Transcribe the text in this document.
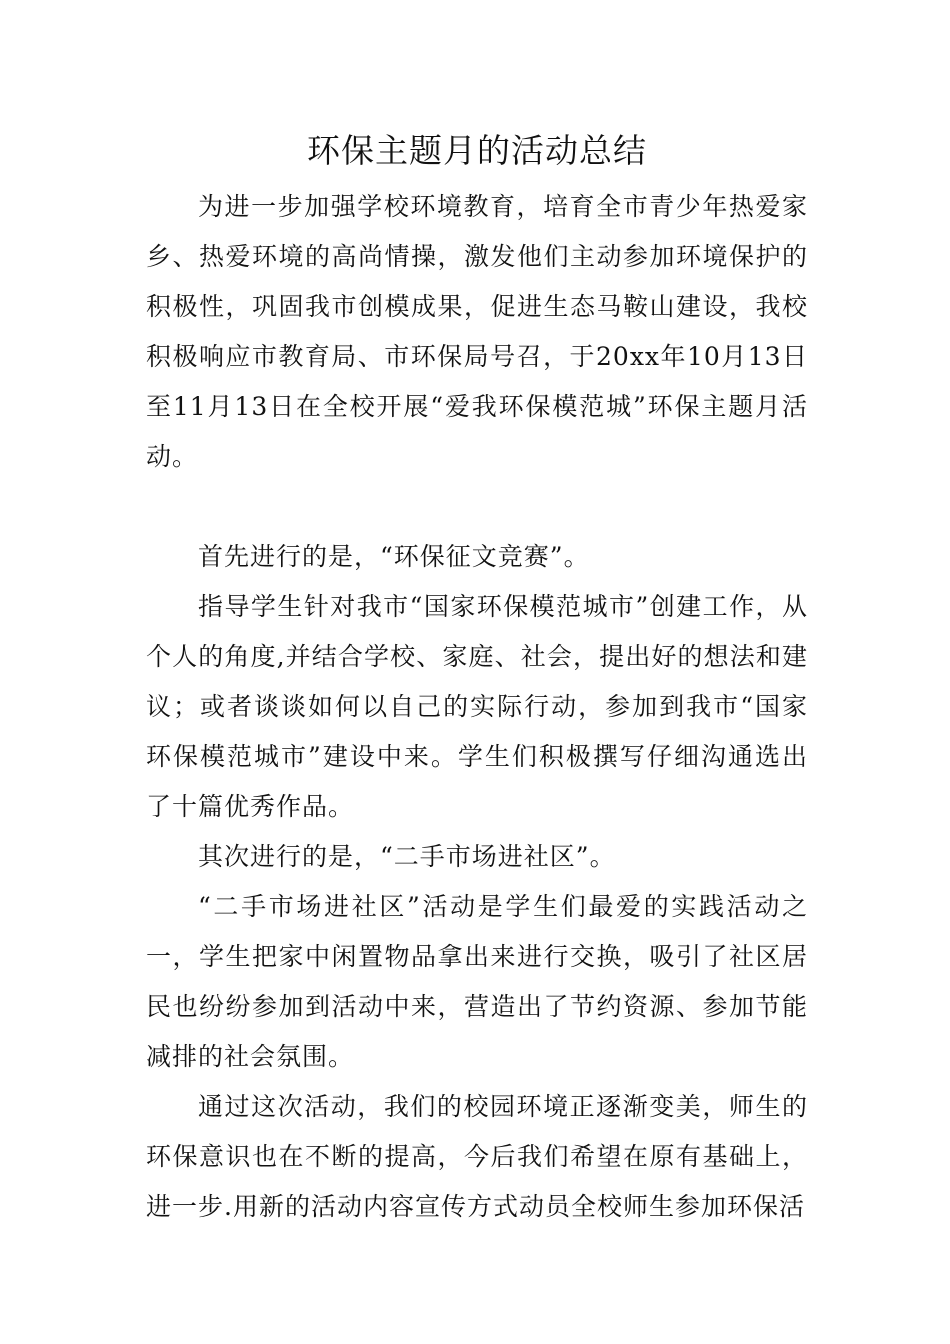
环保主题月的活动总结

为进一步加强学校环境教育，培育全市青少年热爱家乡、热爱环境的高尚情操，激发他们主动参加环境保护的积极性，巩固我市创模成果，促进生态马鞍山建设，我校积极响应市教育局、市环保局号召，于20xx年10月13日至11月13日在全校开展“爱我环保模范城”环保主题月活动。

首先进行的是，“环保征文竞赛”。

指导学生针对我市“国家环保模范城市”创建工作，从个人的角度,并结合学校、家庭、社会，提出好的想法和建议；或者谈谈如何以自己的实际行动，参加到我市“国家环保模范城市”建设中来。学生们积极撰写仔细沟通选出了十篇优秀作品。

其次进行的是，“二手市场进社区”。

“二手市场进社区”活动是学生们最爱的实践活动之一，学生把家中闲置物品拿出来进行交换，吸引了社区居民也纷纷参加到活动中来，营造出了节约资源、参加节能减排的社会氛围。

通过这次活动，我们的校园环境正逐渐变美，师生的环保意识也在不断的提高，今后我们希望在原有基础上，进一步.用新的活动内容宣传方式动员全校师生参加环保活
